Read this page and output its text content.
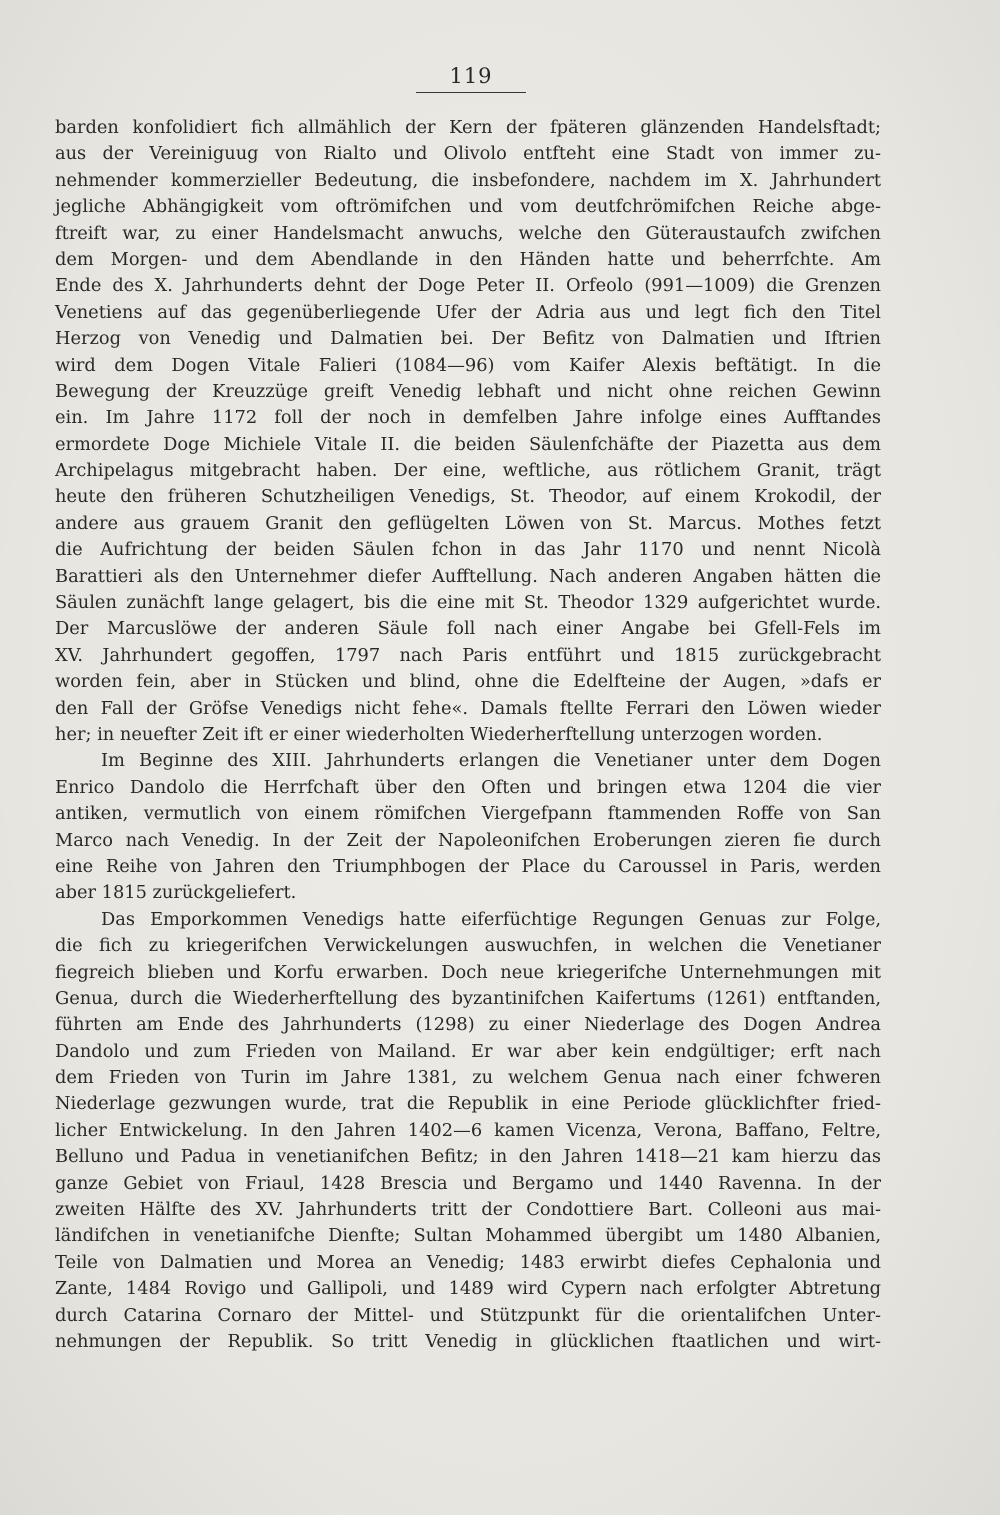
119
barden konfolidiert fich allmählich der Kern der fpäteren glänzenden Handelsftadt;
aus der Vereiniguug von Rialto und Olivolo entfteht eine Stadt von immer zu-
nehmender kommerzieller Bedeutung, die insbefondere, nachdem im X. Jahrhundert
jegliche Abhängigkeit vom oftrömifchen und vom deutfchrömifchen Reiche abge-
ftreift war, zu einer Handelsmacht anwuchs, welche den Güteraustaufch zwifchen
dem Morgen- und dem Abendlande in den Händen hatte und beherrfchte. Am
Ende des X. Jahrhunderts dehnt der Doge Peter II. Orfeolo (991—1009) die Grenzen
Venetiens auf das gegenüberliegende Ufer der Adria aus und legt fich den Titel
Herzog von Venedig und Dalmatien bei. Der Befitz von Dalmatien und Iftrien
wird dem Dogen Vitale Falieri (1084—96) vom Kaifer Alexis beftätigt. In die
Bewegung der Kreuzzüge greift Venedig lebhaft und nicht ohne reichen Gewinn
ein. Im Jahre 1172 foll der noch in demfelben Jahre infolge eines Aufftandes
ermordete Doge Michiele Vitale II. die beiden Säulenfchäfte der Piazetta aus dem
Archipelagus mitgebracht haben. Der eine, weftliche, aus rötlichem Granit, trägt
heute den früheren Schutzheiligen Venedigs, St. Theodor, auf einem Krokodil, der
andere aus grauem Granit den geflügelten Löwen von St. Marcus. Mothes fetzt
die Aufrichtung der beiden Säulen fchon in das Jahr 1170 und nennt Nicolà
Barattieri als den Unternehmer diefer Aufftellung. Nach anderen Angaben hätten die
Säulen zunächft lange gelagert, bis die eine mit St. Theodor 1329 aufgerichtet wurde.
Der Marcuslöwe der anderen Säule foll nach einer Angabe bei Gfell-Fels im
XV. Jahrhundert gegoffen, 1797 nach Paris entführt und 1815 zurückgebracht
worden fein, aber in Stücken und blind, ohne die Edelfteine der Augen, »dafs er
den Fall der Gröfse Venedigs nicht fehe«. Damals ftellte Ferrari den Löwen wieder
her; in neuefter Zeit ift er einer wiederholten Wiederherftellung unterzogen worden.
Im Beginne des XIII. Jahrhunderts erlangen die Venetianer unter dem Dogen
Enrico Dandolo die Herrfchaft über den Often und bringen etwa 1204 die vier
antiken, vermutlich von einem römifchen Viergefpann ftammenden Roffe von San
Marco nach Venedig. In der Zeit der Napoleonifchen Eroberungen zieren fie durch
eine Reihe von Jahren den Triumphbogen der Place du Caroussel in Paris, werden
aber 1815 zurückgeliefert.
Das Emporkommen Venedigs hatte eiferfüchtige Regungen Genuas zur Folge,
die fich zu kriegerifchen Verwickelungen auswuchfen, in welchen die Venetianer
fiegreich blieben und Korfu erwarben. Doch neue kriegerifche Unternehmungen mit
Genua, durch die Wiederherftellung des byzantinifchen Kaifertums (1261) entftanden,
führten am Ende des Jahrhunderts (1298) zu einer Niederlage des Dogen Andrea
Dandolo und zum Frieden von Mailand. Er war aber kein endgültiger; erft nach
dem Frieden von Turin im Jahre 1381, zu welchem Genua nach einer fchweren
Niederlage gezwungen wurde, trat die Republik in eine Periode glücklichfter fried-
licher Entwickelung. In den Jahren 1402—6 kamen Vicenza, Verona, Baffano, Feltre,
Belluno und Padua in venetianifchen Befitz; in den Jahren 1418—21 kam hierzu das
ganze Gebiet von Friaul, 1428 Brescia und Bergamo und 1440 Ravenna. In der
zweiten Hälfte des XV. Jahrhunderts tritt der Condottiere Bart. Colleoni aus mai-
ländifchen in venetianifche Dienfte; Sultan Mohammed übergibt um 1480 Albanien,
Teile von Dalmatien und Morea an Venedig; 1483 erwirbt diefes Cephalonia und
Zante, 1484 Rovigo und Gallipoli, und 1489 wird Cypern nach erfolgter Abtretung
durch Catarina Cornaro der Mittel- und Stützpunkt für die orientalifchen Unter-
nehmungen der Republik. So tritt Venedig in glücklichen ftaatlichen und wirt-
